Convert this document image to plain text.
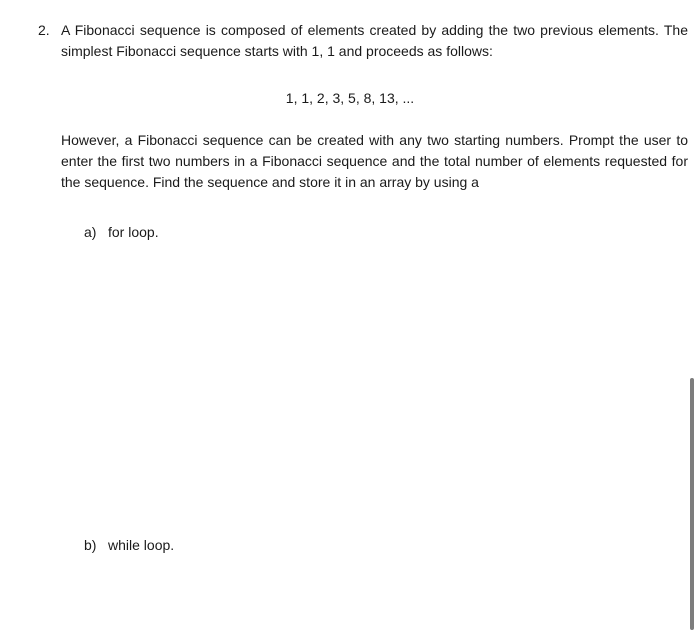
2. A Fibonacci sequence is composed of elements created by adding the two previous elements. The simplest Fibonacci sequence starts with 1, 1 and proceeds as follows:

1, 1, 2, 3, 5, 8, 13, ...

However, a Fibonacci sequence can be created with any two starting numbers. Prompt the user to enter the first two numbers in a Fibonacci sequence and the total number of elements requested for the sequence. Find the sequence and store it in an array by using a

a) for loop.
b) while loop.
